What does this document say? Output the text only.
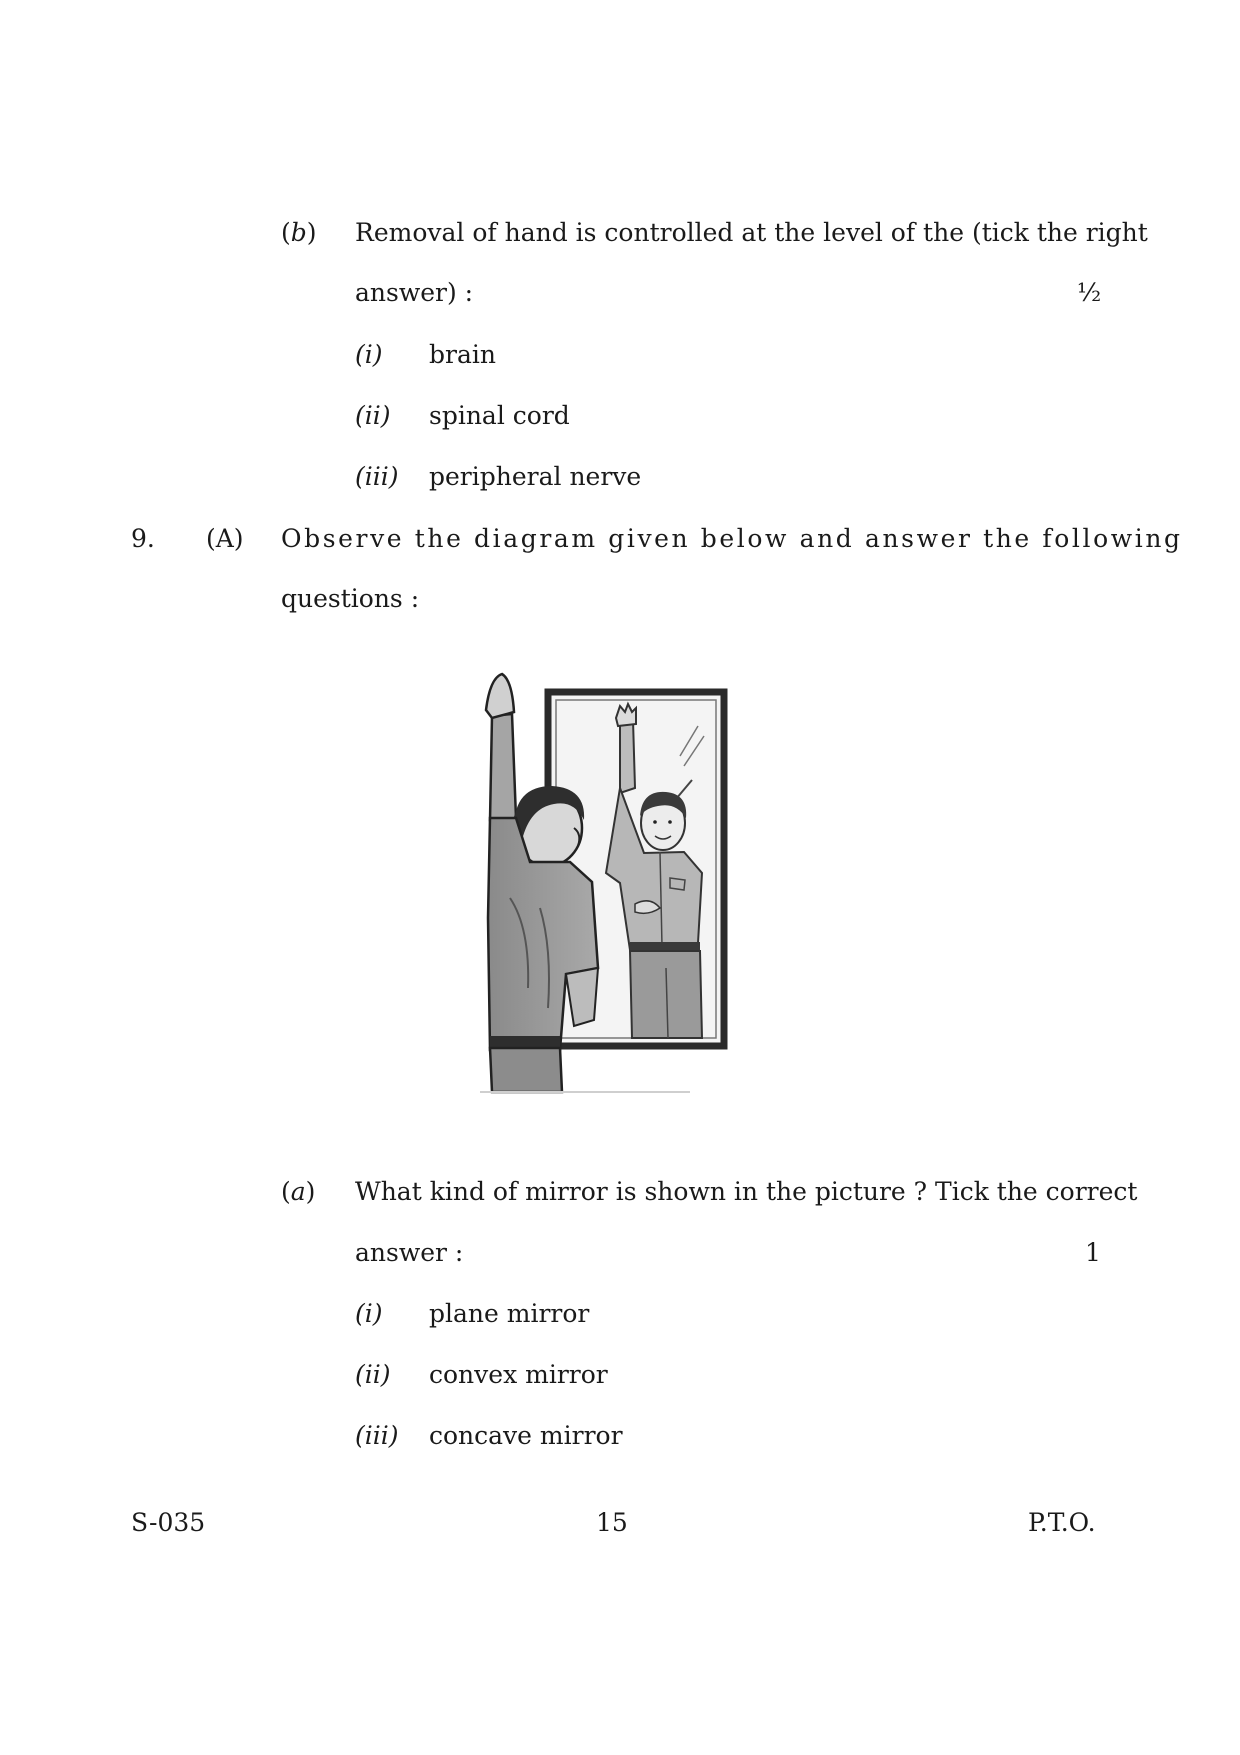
(b) Removal of hand is controlled at the level of the (tick the right
answer) :	½
(i) brain
(ii) spinal cord
(iii) peripheral nerve
9. (A) Observe the diagram given below and answer the following
questions :
(a) What kind of mirror is shown in the picture ? Tick the correct
answer :	1
(i) plane mirror
(ii) convex mirror
(iii) concave mirror
S-035	15	P.T.O.
